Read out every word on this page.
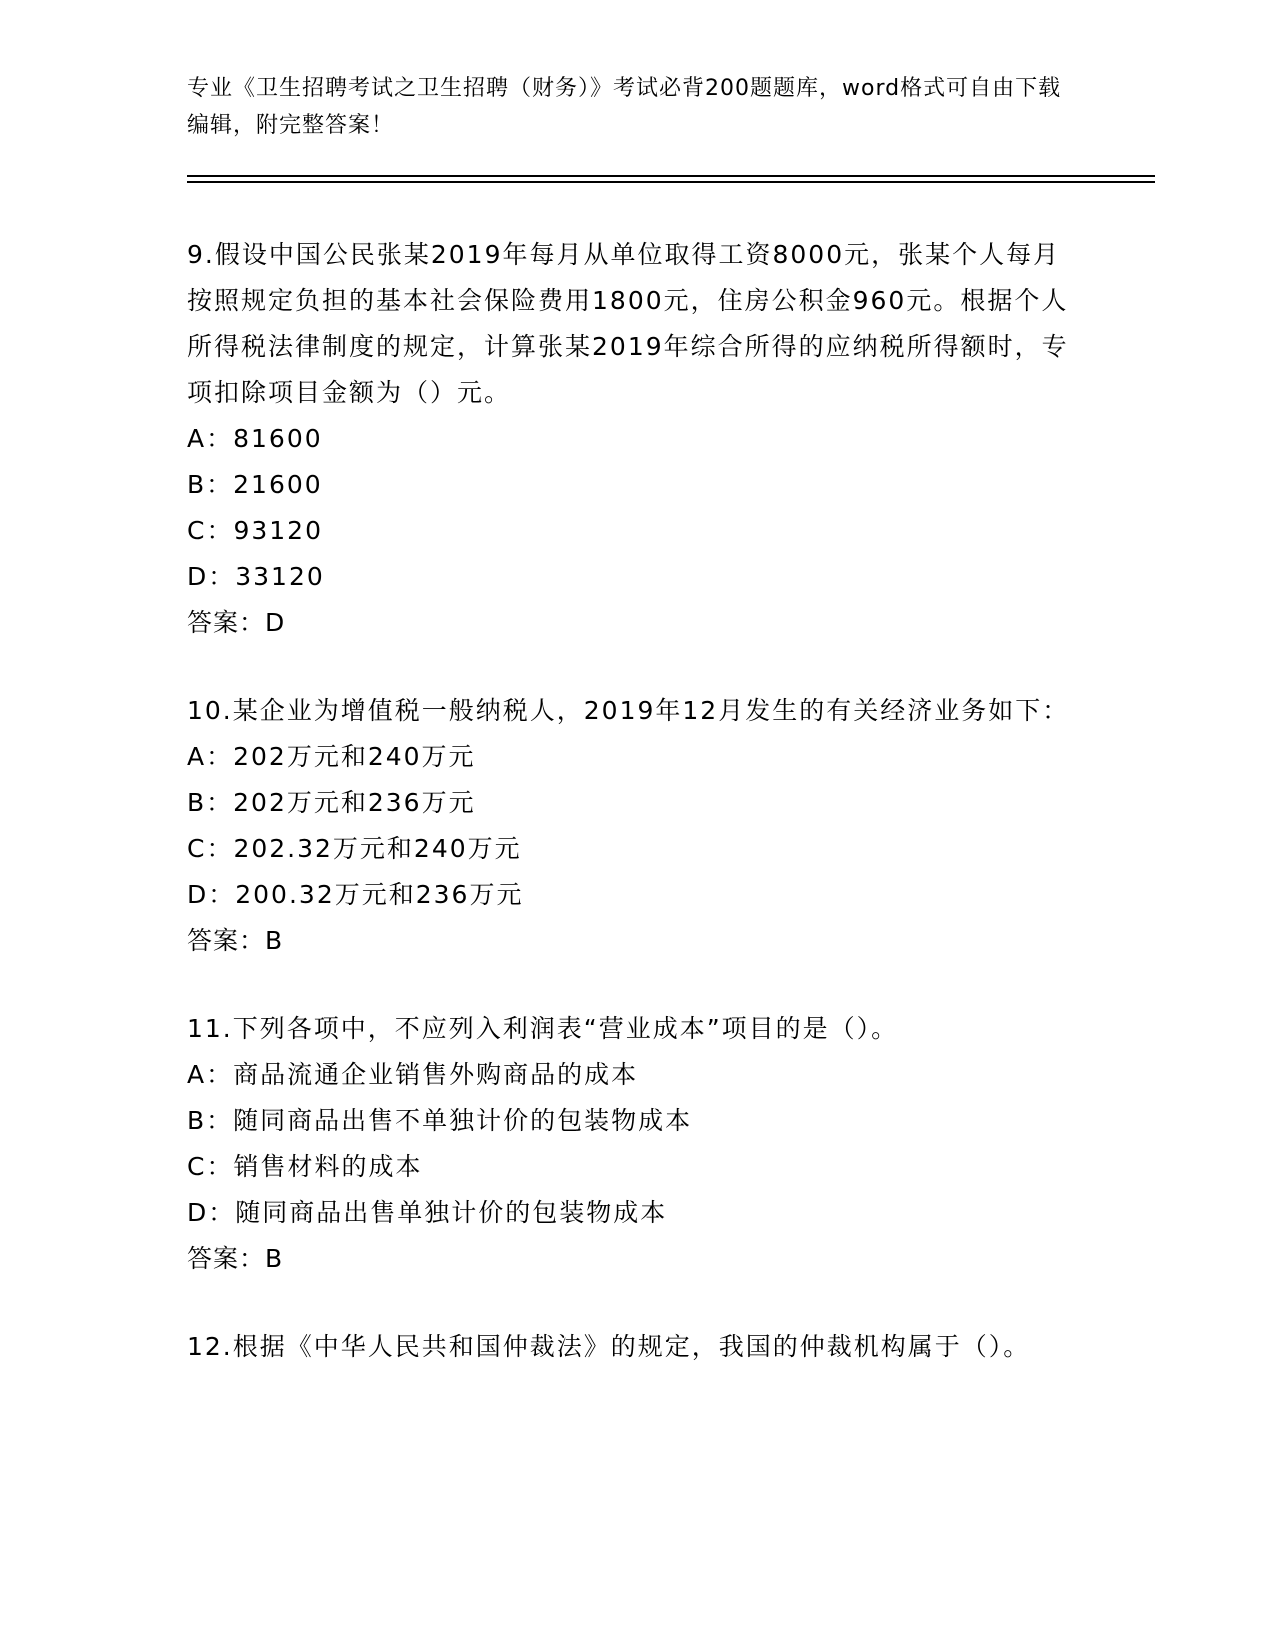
专业《卫生招聘考试之卫生招聘（财务）》考试必背200题题库，word格式可自由下载编辑，附完整答案！
9.假设中国公民张某2019年每月从单位取得工资8000元，张某个人每月按照规定负担的基本社会保险费用1800元，住房公积金960元。根据个人所得税法律制度的规定，计算张某2019年综合所得的应纳税所得额时，专项扣除项目金额为（）元。
A：81600
B：21600
C：93120
D：33120
答案：D
10.某企业为增值税一般纳税人，2019年12月发生的有关经济业务如下：
A：202万元和240万元
B：202万元和236万元
C：202.32万元和240万元
D：200.32万元和236万元
答案：B
11.下列各项中，不应列入利润表“营业成本”项目的是（）。
A：商品流通企业销售外购商品的成本
B：随同商品出售不单独计价的包装物成本
C：销售材料的成本
D：随同商品出售单独计价的包装物成本
答案：B
12.根据《中华人民共和国仲裁法》的规定，我国的仲裁机构属于（）。
